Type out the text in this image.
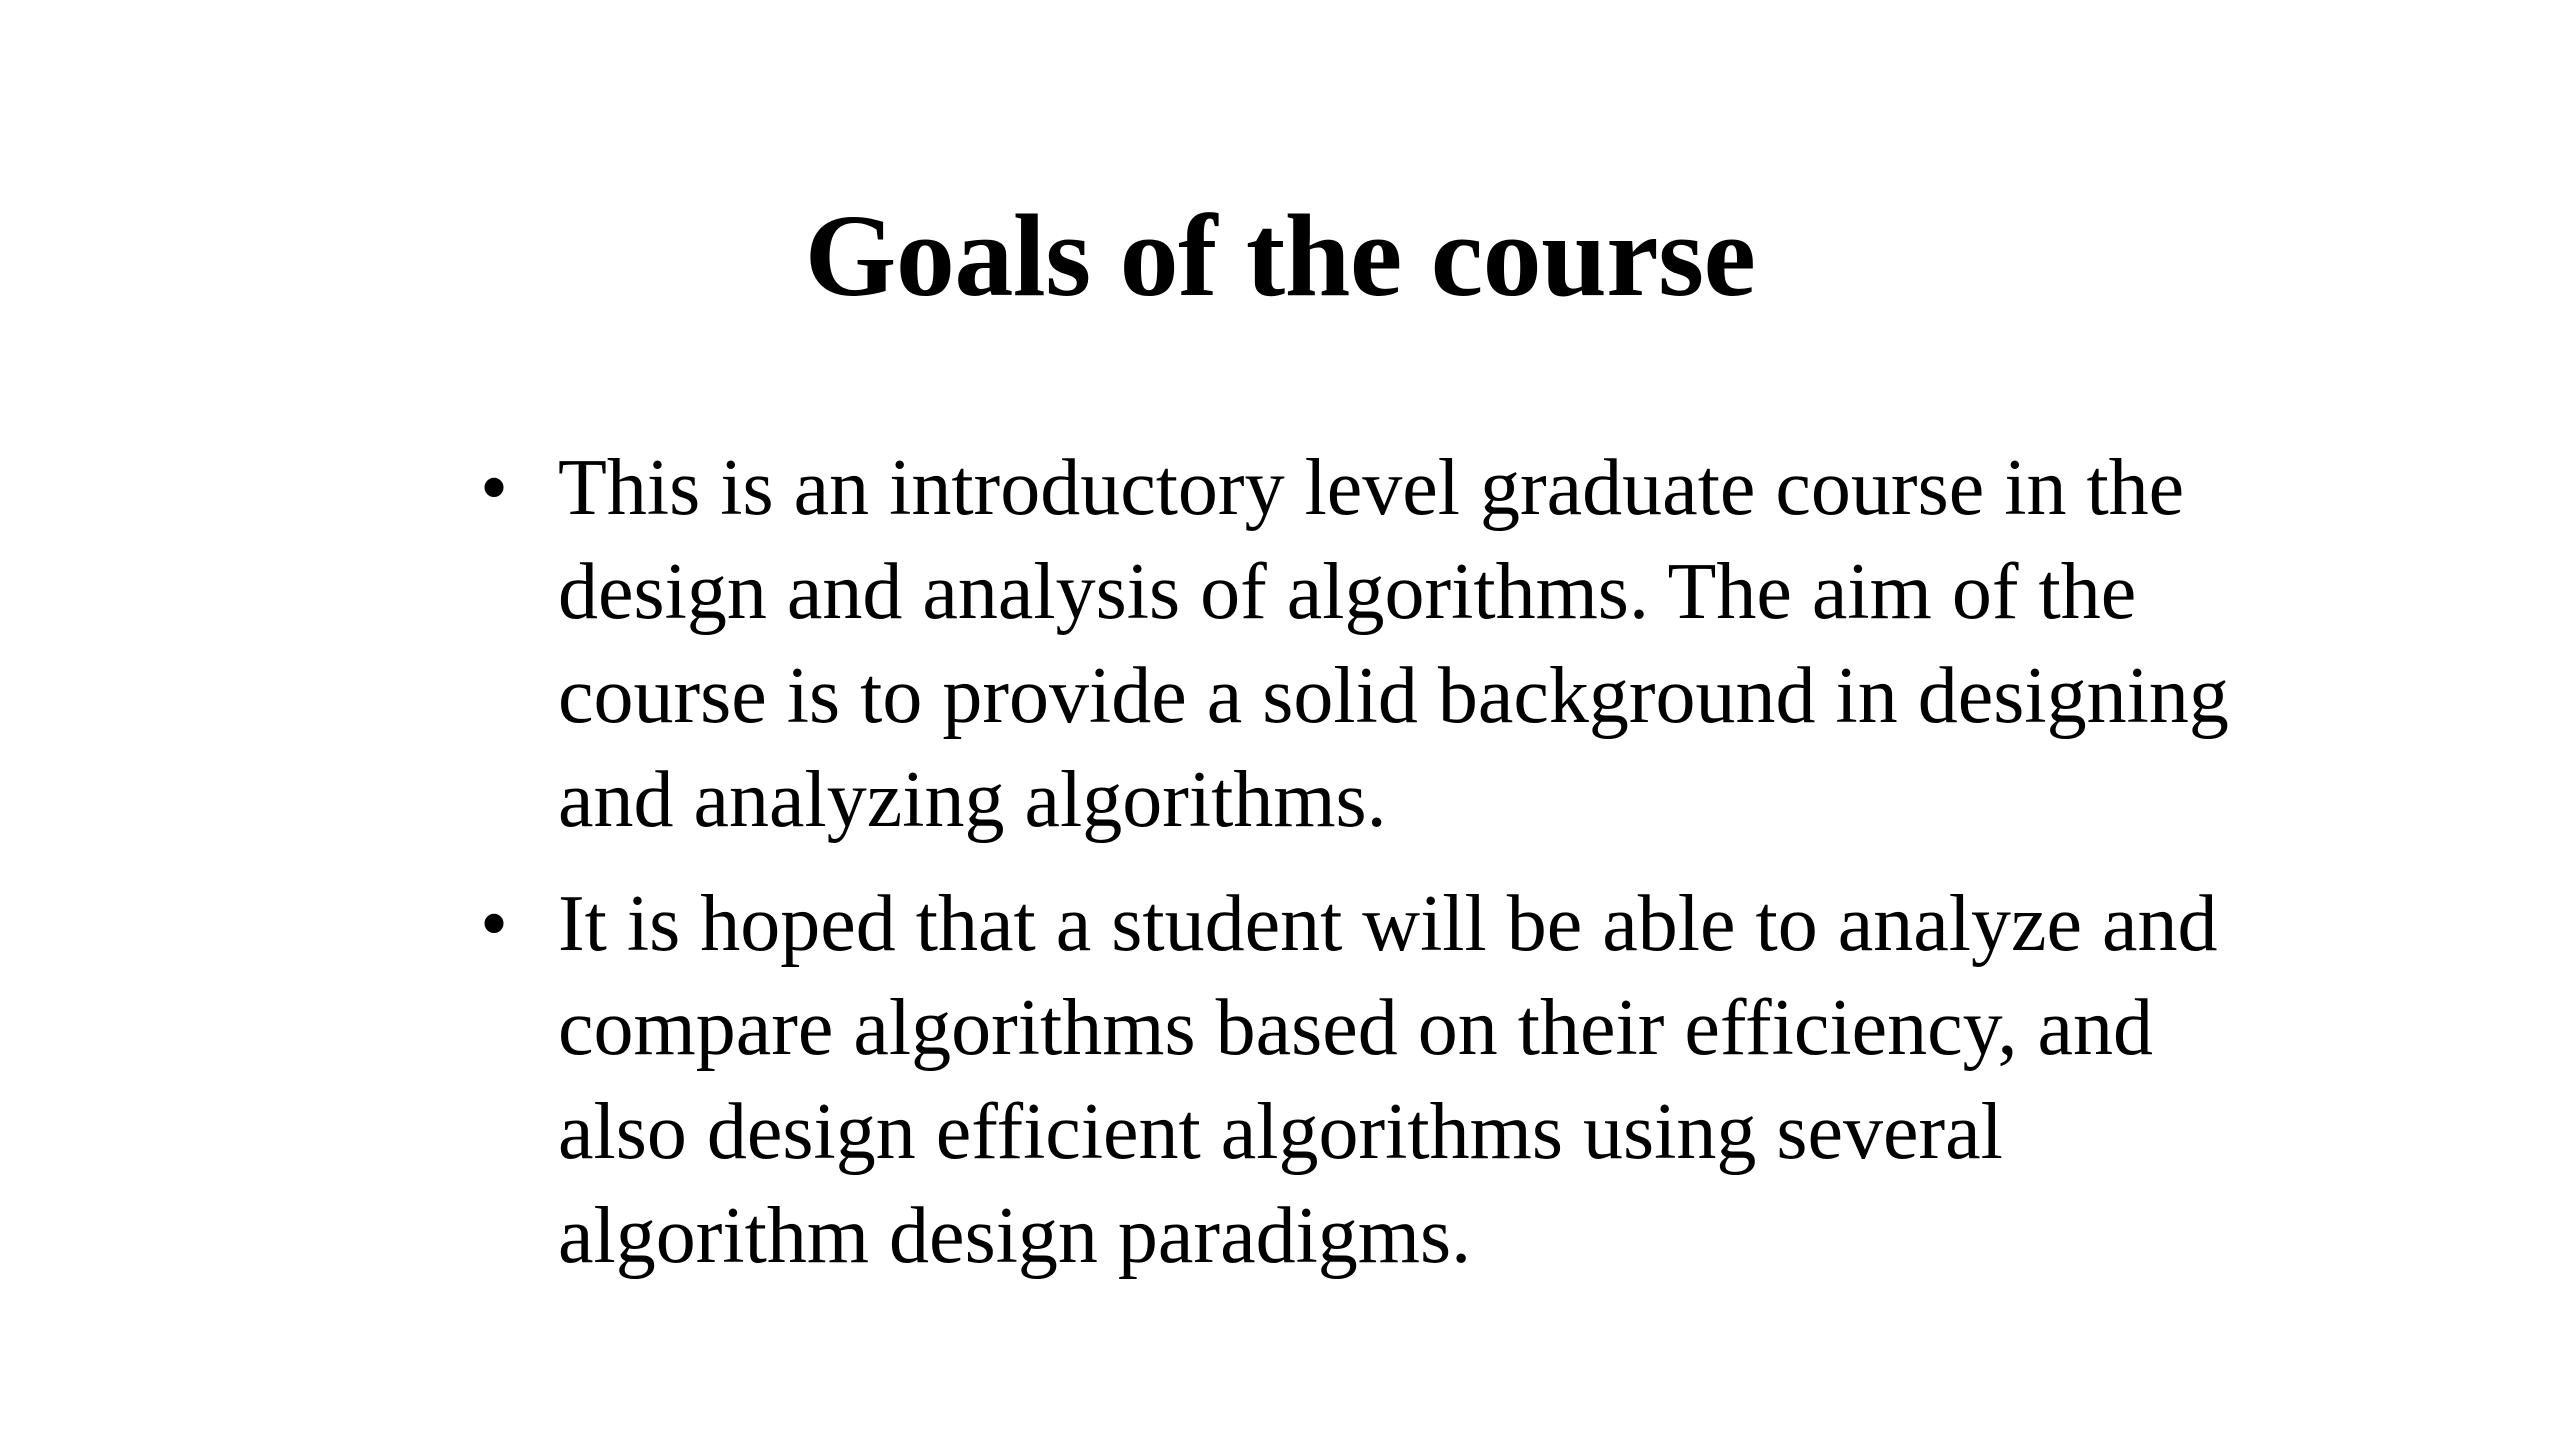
Goals of the course
• This is an introductory level graduate course in the
design and analysis of algorithms. The aim of the
course is to provide a solid background in designing
and analyzing algorithms.
• It is hoped that a student will be able to analyze and
compare algorithms based on their efficiency, and
also design efficient algorithms using several
algorithm design paradigms.
